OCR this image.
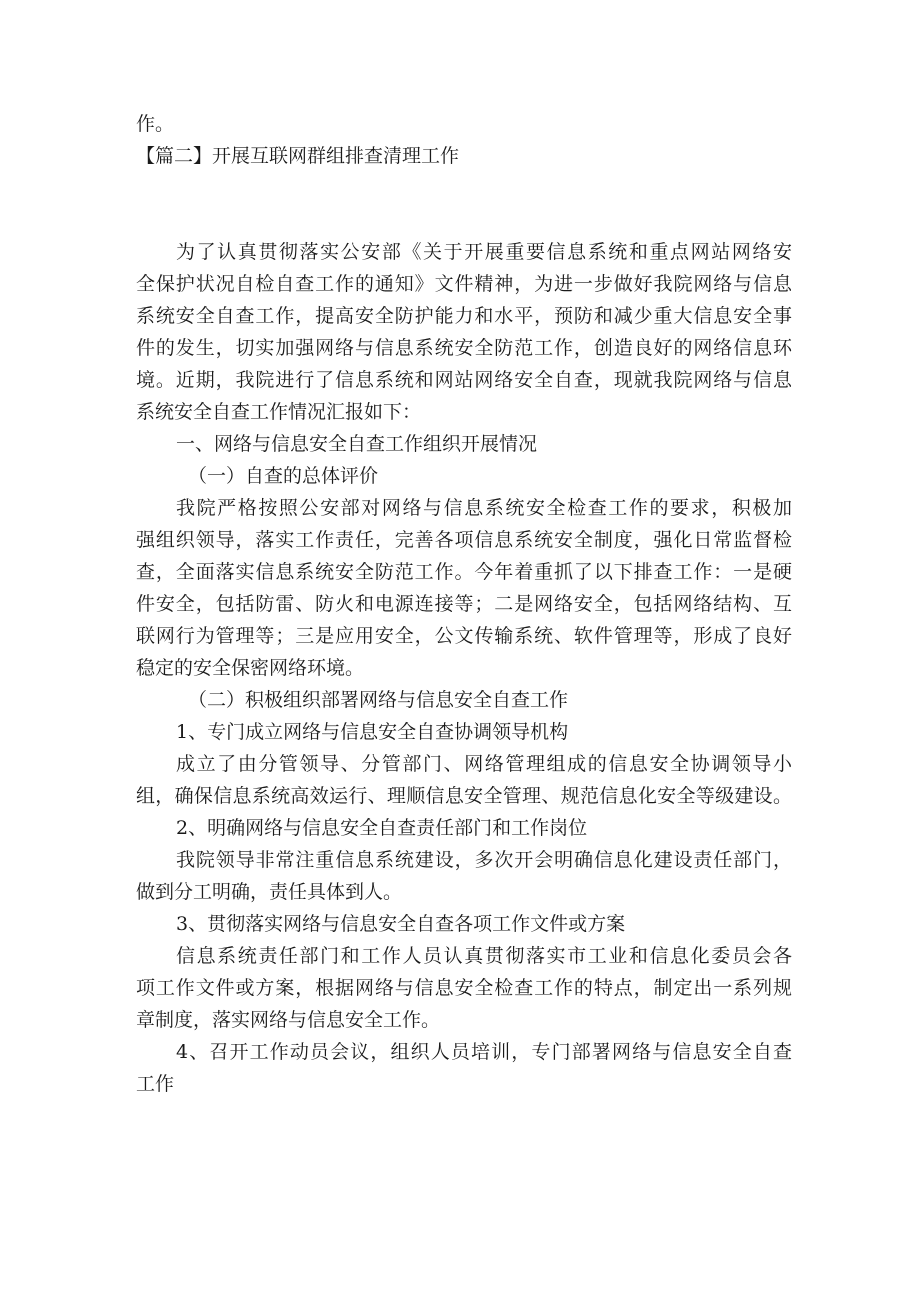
作。

【篇二】开展互联网群组排查清理工作

为了认真贯彻落实公安部《关于开展重要信息系统和重点网站网络安

全保护状况自检自查工作的通知》文件精神，为进一步做好我院网络与信息

系统安全自查工作，提高安全防护能力和水平，预防和减少重大信息安全事

件的发生，切实加强网络与信息系统安全防范工作，创造良好的网络信息环

境。近期，我院进行了信息系统和网站网络安全自查，现就我院网络与信息

系统安全自查工作情况汇报如下：

一、网络与信息安全自查工作组织开展情况

（一）自查的总体评价

我院严格按照公安部对网络与信息系统安全检查工作的要求，积极加

强组织领导，落实工作责任，完善各项信息系统安全制度，强化日常监督检

查，全面落实信息系统安全防范工作。今年着重抓了以下排查工作：一是硬

件安全，包括防雷、防火和电源连接等；二是网络安全，包括网络结构、互

联网行为管理等；三是应用安全，公文传输系统、软件管理等，形成了良好

稳定的安全保密网络环境。

（二）积极组织部署网络与信息安全自查工作

1、专门成立网络与信息安全自查协调领导机构

成立了由分管领导、分管部门、网络管理组成的信息安全协调领导小

组，确保信息系统高效运行、理顺信息安全管理、规范信息化安全等级建设。

2、明确网络与信息安全自查责任部门和工作岗位

我院领导非常注重信息系统建设，多次开会明确信息化建设责任部门，

做到分工明确，责任具体到人。

3、贯彻落实网络与信息安全自查各项工作文件或方案

信息系统责任部门和工作人员认真贯彻落实市工业和信息化委员会各

项工作文件或方案，根据网络与信息安全检查工作的特点，制定出一系列规

章制度，落实网络与信息安全工作。

4、召开工作动员会议，组织人员培训，专门部署网络与信息安全自查

工作
